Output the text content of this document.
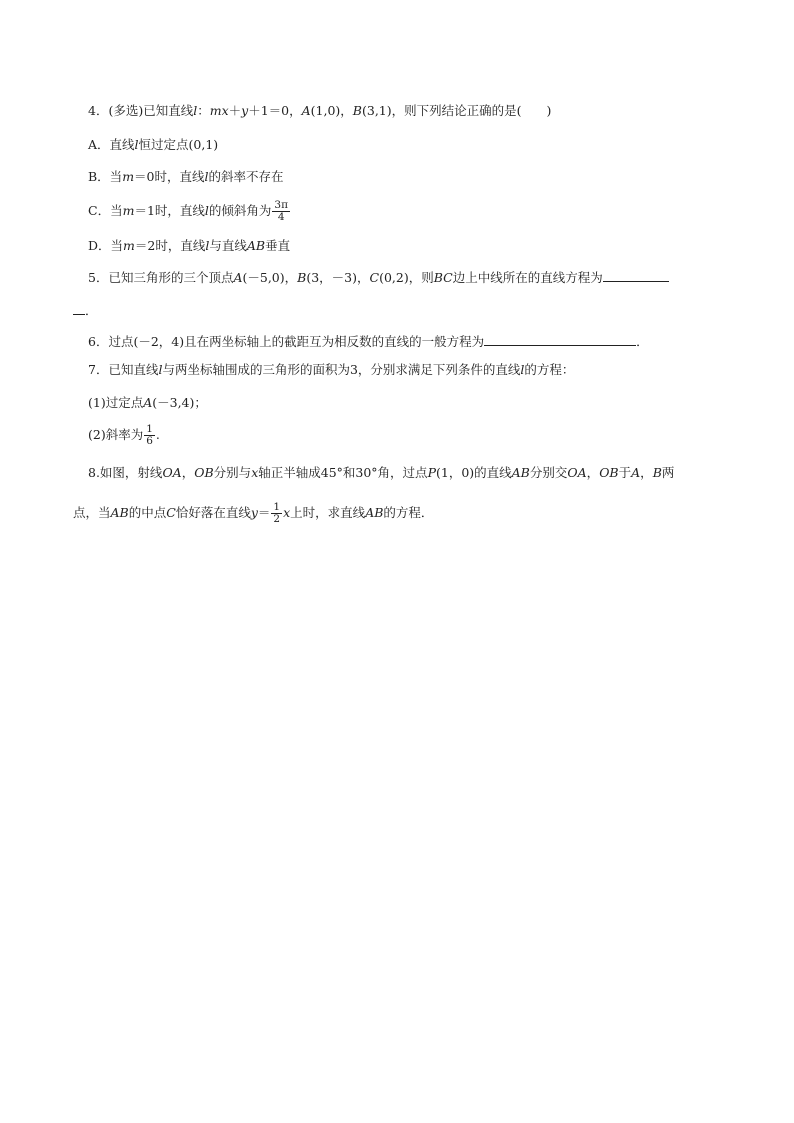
4．(多选)已知直线l：mx＋y＋1＝0，A(1,0)，B(3,1)，则下列结论正确的是(　　 )
A．直线l恒过定点(0,1)
B．当m＝0时，直线l的斜率不存在
C．当m＝1时，直线l的倾斜角为 $\frac{3\pi}{4}$
D．当m＝2时，直线l与直线AB垂直
5．已知三角形的三个顶点A(－5,0)，B(3，－3)，C(0,2)，则BC边上中线所在的直线方程为
．
6．过点(－2，4)且在两坐标轴上的截距互为相反数的直线的一般方程为	．
7．已知直线l与两坐标轴围成的三角形的面积为3，分别求满足下列条件的直线l的方程：
(1)过定点A(－3,4)；
(2)斜率为 $\frac{1}{6}$ .
8.如图，射线OA，OB分别与x轴正半轴成45°和30°角，过点P(1，0)的直线AB分别交OA，OB于A，B两
点，当AB的中点C恰好落在直线$y= \frac{1}{2}$ x上时，求直线AB的方程．
